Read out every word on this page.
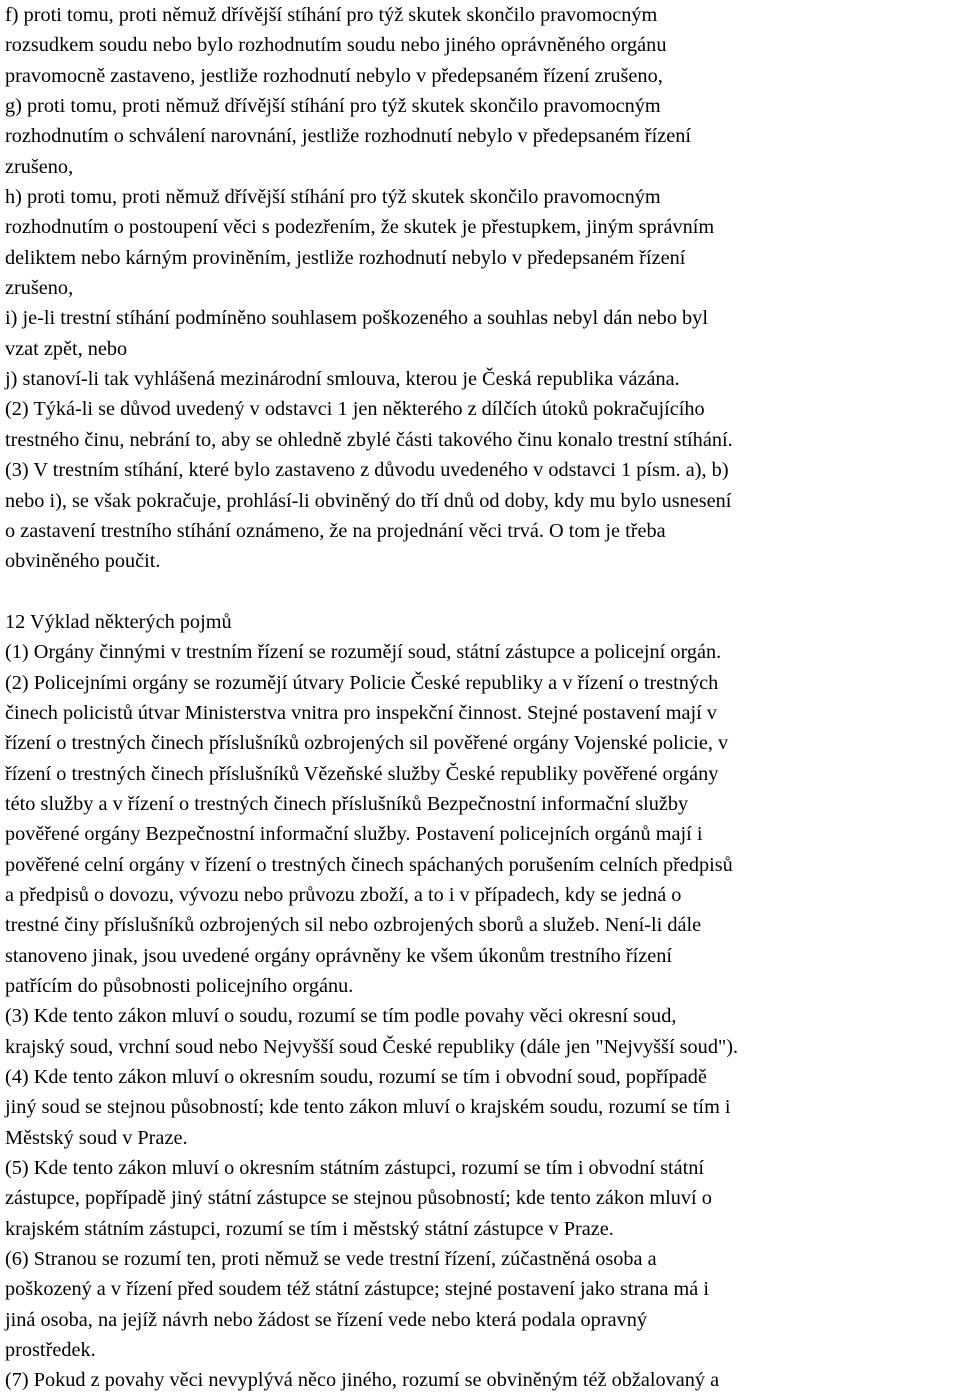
f) proti tomu, proti němuž dřívější stíhání pro týž skutek skončilo pravomocným
rozsudkem soudu nebo bylo rozhodnutím soudu nebo jiného oprávněného orgánu
pravomocně zastaveno, jestliže rozhodnutí nebylo v předepsaném řízení zrušeno,
g) proti tomu, proti němuž dřívější stíhání pro týž skutek skončilo pravomocným
rozhodnutím o schválení narovnání, jestliže rozhodnutí nebylo v předepsaném řízení
zrušeno,
h) proti tomu, proti němuž dřívější stíhání pro týž skutek skončilo pravomocným
rozhodnutím o postoupení věci s podezřením, že skutek je přestupkem, jiným správním
deliktem nebo kárným proviněním, jestliže rozhodnutí nebylo v předepsaném řízení
zrušeno,
i) je-li trestní stíhání podmíněno souhlasem poškozeného a souhlas nebyl dán nebo byl
vzat zpět, nebo
j) stanoví-li tak vyhlášená mezinárodní smlouva, kterou je Česká republika vázána.
(2) Týká-li se důvod uvedený v odstavci 1 jen některého z dílčích útoků pokračujícího
trestného činu, nebrání to, aby se ohledně zbylé části takového činu konalo trestní stíhání.
(3) V trestním stíhání, které bylo zastaveno z důvodu uvedeného v odstavci 1 písm. a), b)
nebo i), se však pokračuje, prohlásí-li obviněný do tří dnů od doby, kdy mu bylo usnesení
o zastavení trestního stíhání oznámeno, že na projednání věci trvá. O tom je třeba
obviněného poučit.
12 Výklad některých pojmů
(1) Orgány činnými v trestním řízení se rozumějí soud, státní zástupce a policejní orgán.
(2) Policejními orgány se rozumějí útvary Policie České republiky a v řízení o trestných
činech policistů útvar Ministerstva vnitra pro inspekční činnost. Stejné postavení mají v
řízení o trestných činech příslušníků ozbrojených sil pověřené orgány Vojenské policie, v
řízení o trestných činech příslušníků Vězeňské služby České republiky pověřené orgány
této služby a v řízení o trestných činech příslušníků Bezpečnostní informační služby
pověřené orgány Bezpečnostní informační služby. Postavení policejních orgánů mají i
pověřené celní orgány v řízení o trestných činech spáchaných porušením celních předpisů
a předpisů o dovozu, vývozu nebo průvozu zboží, a to i v případech, kdy se jedná o
trestné činy příslušníků ozbrojených sil nebo ozbrojených sborů a služeb. Není-li dále
stanoveno jinak, jsou uvedené orgány oprávněny ke všem úkonům trestního řízení
patřícím do působnosti policejního orgánu.
(3) Kde tento zákon mluví o soudu, rozumí se tím podle povahy věci okresní soud,
krajský soud, vrchní soud nebo Nejvyšší soud České republiky (dále jen "Nejvyšší soud").
(4) Kde tento zákon mluví o okresním soudu, rozumí se tím i obvodní soud, popřípadě
jiný soud se stejnou působností; kde tento zákon mluví o krajském soudu, rozumí se tím i
Městský soud v Praze.
(5) Kde tento zákon mluví o okresním státním zástupci, rozumí se tím i obvodní státní
zástupce, popřípadě jiný státní zástupce se stejnou působností; kde tento zákon mluví o
krajském státním zástupci, rozumí se tím i městský státní zástupce v Praze.
(6) Stranou se rozumí ten, proti němuž se vede trestní řízení, zúčastněná osoba a
poškozený a v řízení před soudem též státní zástupce; stejné postavení jako strana má i
jiná osoba, na jejíž návrh nebo žádost se řízení vede nebo která podala opravný
prostředek.
(7) Pokud z povahy věci nevyplývá něco jiného, rozumí se obviněným též obžalovaný a
